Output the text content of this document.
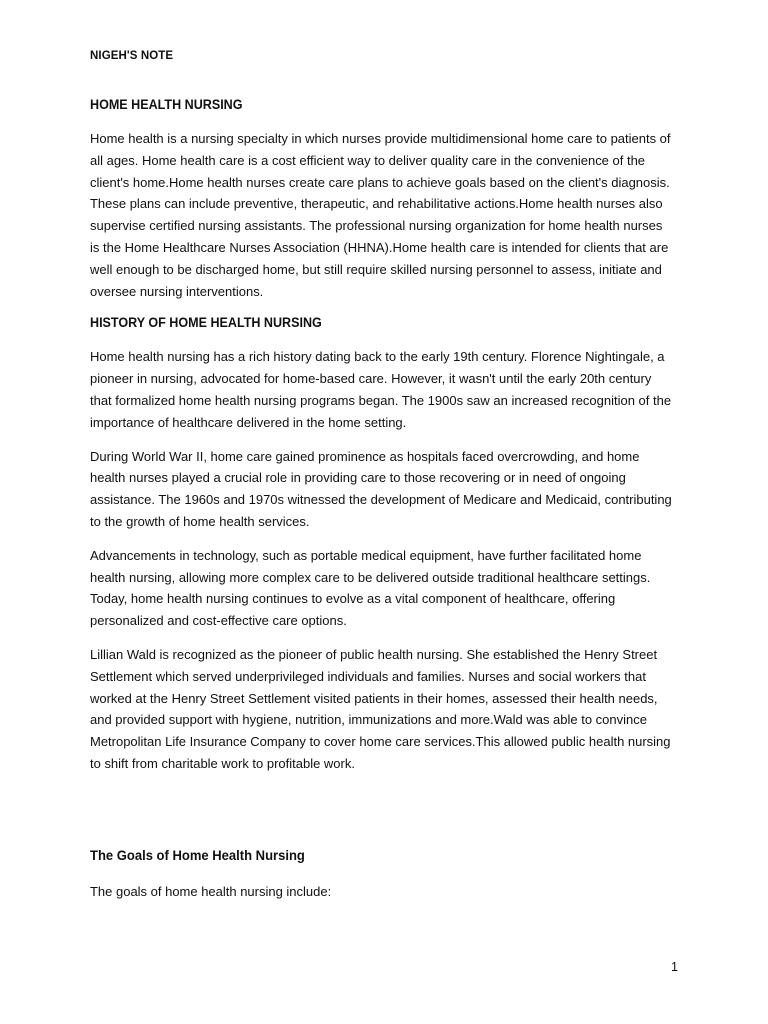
NIGEH'S NOTE
HOME HEALTH NURSING

Home health is a nursing specialty in which nurses provide multidimensional home care to patients of all ages. Home health care is a cost efficient way to deliver quality care in the convenience of the client's home.Home health nurses create care plans to achieve goals based on the client's diagnosis. These plans can include preventive, therapeutic, and rehabilitative actions.Home health nurses also supervise certified nursing assistants. The professional nursing organization for home health nurses is the Home Healthcare Nurses Association (HHNA).Home health care is intended for clients that are well enough to be discharged home, but still require skilled nursing personnel to assess, initiate and oversee nursing interventions.

HISTORY OF HOME HEALTH NURSING

Home health nursing has a rich history dating back to the early 19th century. Florence Nightingale, a pioneer in nursing, advocated for home-based care. However, it wasn't until the early 20th century that formalized home health nursing programs began. The 1900s saw an increased recognition of the importance of healthcare delivered in the home setting.

During World War II, home care gained prominence as hospitals faced overcrowding, and home health nurses played a crucial role in providing care to those recovering or in need of ongoing assistance. The 1960s and 1970s witnessed the development of Medicare and Medicaid, contributing to the growth of home health services.

Advancements in technology, such as portable medical equipment, have further facilitated home health nursing, allowing more complex care to be delivered outside traditional healthcare settings. Today, home health nursing continues to evolve as a vital component of healthcare, offering personalized and cost-effective care options.

Lillian Wald is recognized as the pioneer of public health nursing. She established the Henry Street Settlement which served underprivileged individuals and families. Nurses and social workers that worked at the Henry Street Settlement visited patients in their homes, assessed their health needs, and provided support with hygiene, nutrition, immunizations and more.Wald was able to convince Metropolitan Life Insurance Company to cover home care services.This allowed public health nursing to shift from charitable work to profitable work.

The Goals of Home Health Nursing

The goals of home health nursing include:

1
